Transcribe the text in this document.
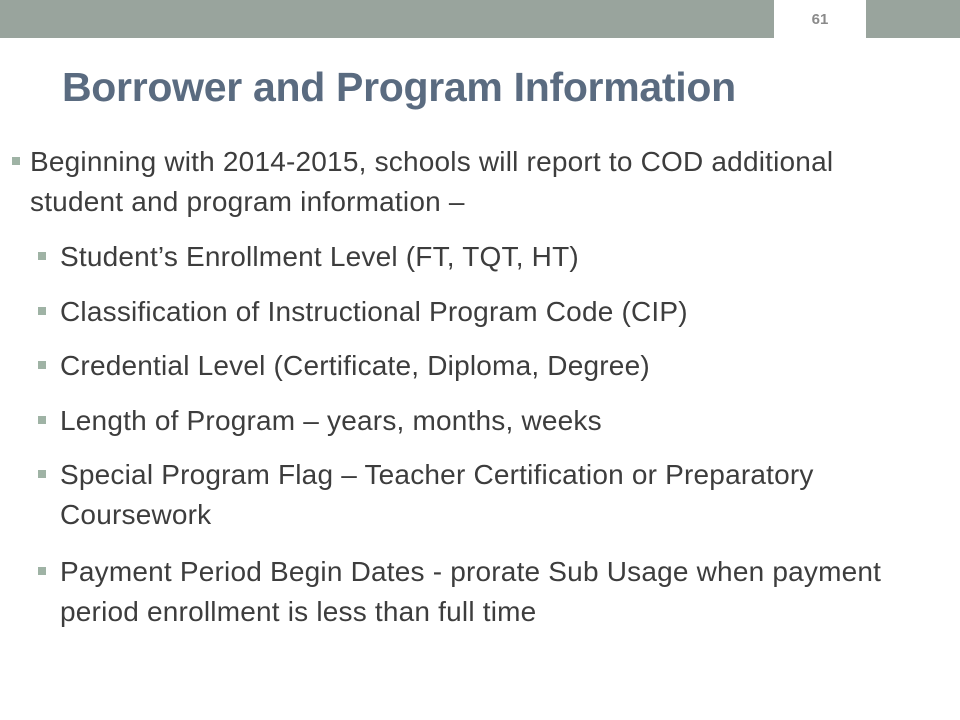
61
Borrower and Program Information
Beginning with 2014-2015, schools will report to COD additional student and program information –
Student’s Enrollment Level (FT, TQT, HT)
Classification of Instructional Program Code (CIP)
Credential Level (Certificate, Diploma, Degree)
Length of Program – years, months, weeks
Special Program Flag – Teacher Certification or Preparatory Coursework
Payment Period Begin Dates - prorate Sub Usage when payment period enrollment is less than full time
